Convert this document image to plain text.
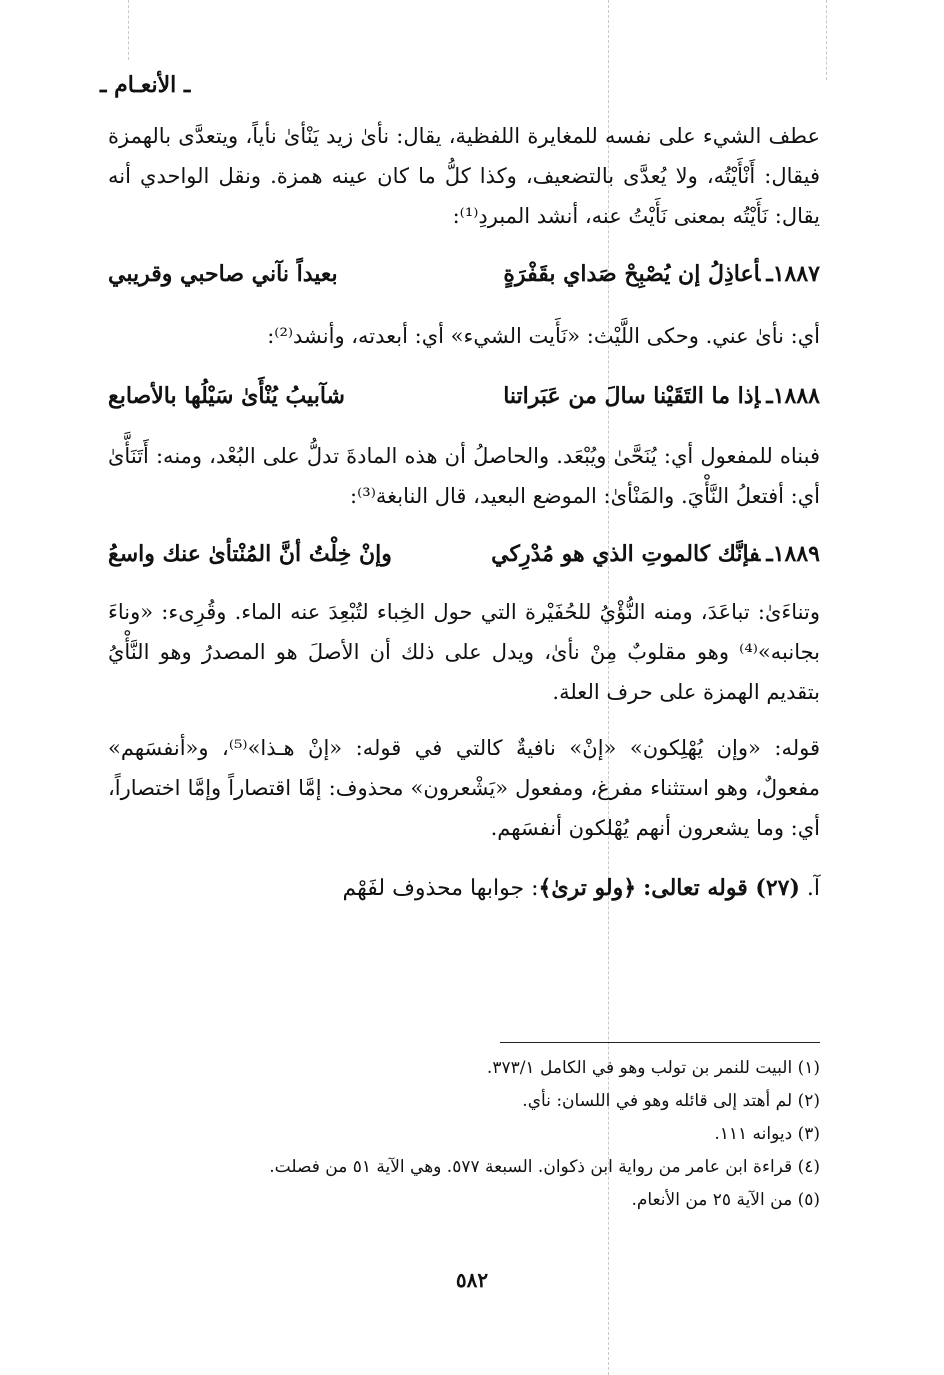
ـ الأنعـام ـ

عطف الشيء على نفسه للمغايرة اللفظية، يقال: نأىٰ زيد يَنْأىٰ نأياً، ويتعدَّى بالهمزة فيقال: أَنْأَيْتُه، ولا يُعدَّى بالتضعيف، وكذا كلُّ ما كان عينه همزة. ونقل الواحدي أنه يقال: نَأَيْتُه بمعنى نَأَيْتُ عنه، أنشد المبردِ⁽¹⁾:

١٨٨٧ـأعاذِلُ إن يُصْبِحْ صَداي بقَفْرَةٍ
بعيداً نآني صاحبي وقريبي

أي: نأىٰ عني. وحكى اللَّيْث: «نَأَيت الشيء» أي: أبعدته، وأنشد⁽²⁾:

١٨٨٨ـإذا ما التَقَيْنا سالَ من عَبَراتنا
شآبيبُ يُنْأَىٰ سَيْلُها بالأصابع

فبناه للمفعول أي: يُنَحَّىٰ ويُبْعَد. والحاصلُ أن هذه المادةَ تدلُّ على البُعْد، ومنه: أَتَنَأَّىٰ أي: أفتعلُ النَّأْيَ. والمَنْأىٰ: الموضع البعيد، قال النابغة⁽³⁾:

١٨٨٩ـفإنَّك كالموتِ الذي هو مُدْرِكي
وإنْ خِلْتُ أنَّ المُنْتأىٰ عنك واسعُ

وتناءَىٰ: تباعَدَ، ومنه النُّؤْيُ للحُفَيْرة التي حول الخِباء لتُبْعِدَ عنه الماء. وقُرِىء: «وناءَ بجانبه»⁽⁴⁾ وهو مقلوبٌ مِنْ نأىٰ، ويدل على ذلك أن الأصلَ هو المصدرُ وهو النَّأْيُ بتقديم الهمزة على حرف العلة.

قوله: «وإن يُهْلِكون» «إنْ» نافيةٌ كالتي في قوله: «إنْ هـذا»⁽⁵⁾، و«أنفسَهم» مفعولٌ، وهو استثناء مفرغ، ومفعول «يَشْعرون» محذوف: إمَّا اقتصاراً وإمَّا اختصاراً، أي: وما يشعرون أنهم يُهْلكون أنفسَهم.

آ. (٢٧) قوله تعالى: ﴿ولو ترىٰ﴾: جوابها محذوف لفَهْم
(١) البيت للنمر بن تولب وهو في الكامل ٣٧٣/١.
(٢) لم أهتد إلى قائله وهو في اللسان: نأي.
(٣) ديوانه ١١١.
(٤) قراءة ابن عامر من رواية ابن ذكوان. السبعة ٥٧٧. وهي الآية ٥١ من فصلت.
(٥) من الآية ٢٥ من الأنعام.
٥٨٢
